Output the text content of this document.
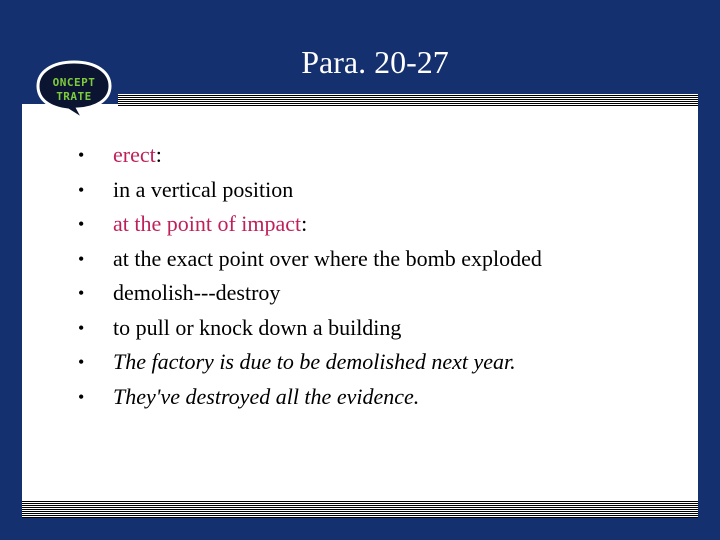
ONCEPT
TRATE
Para. 20-27
• erect:
• in a vertical position
• at the point of impact:
• at the exact point over where the bomb exploded
• demolish---destroy
• to pull or knock down a building
• The factory is due to be demolished next year.
• They've destroyed all the evidence.
